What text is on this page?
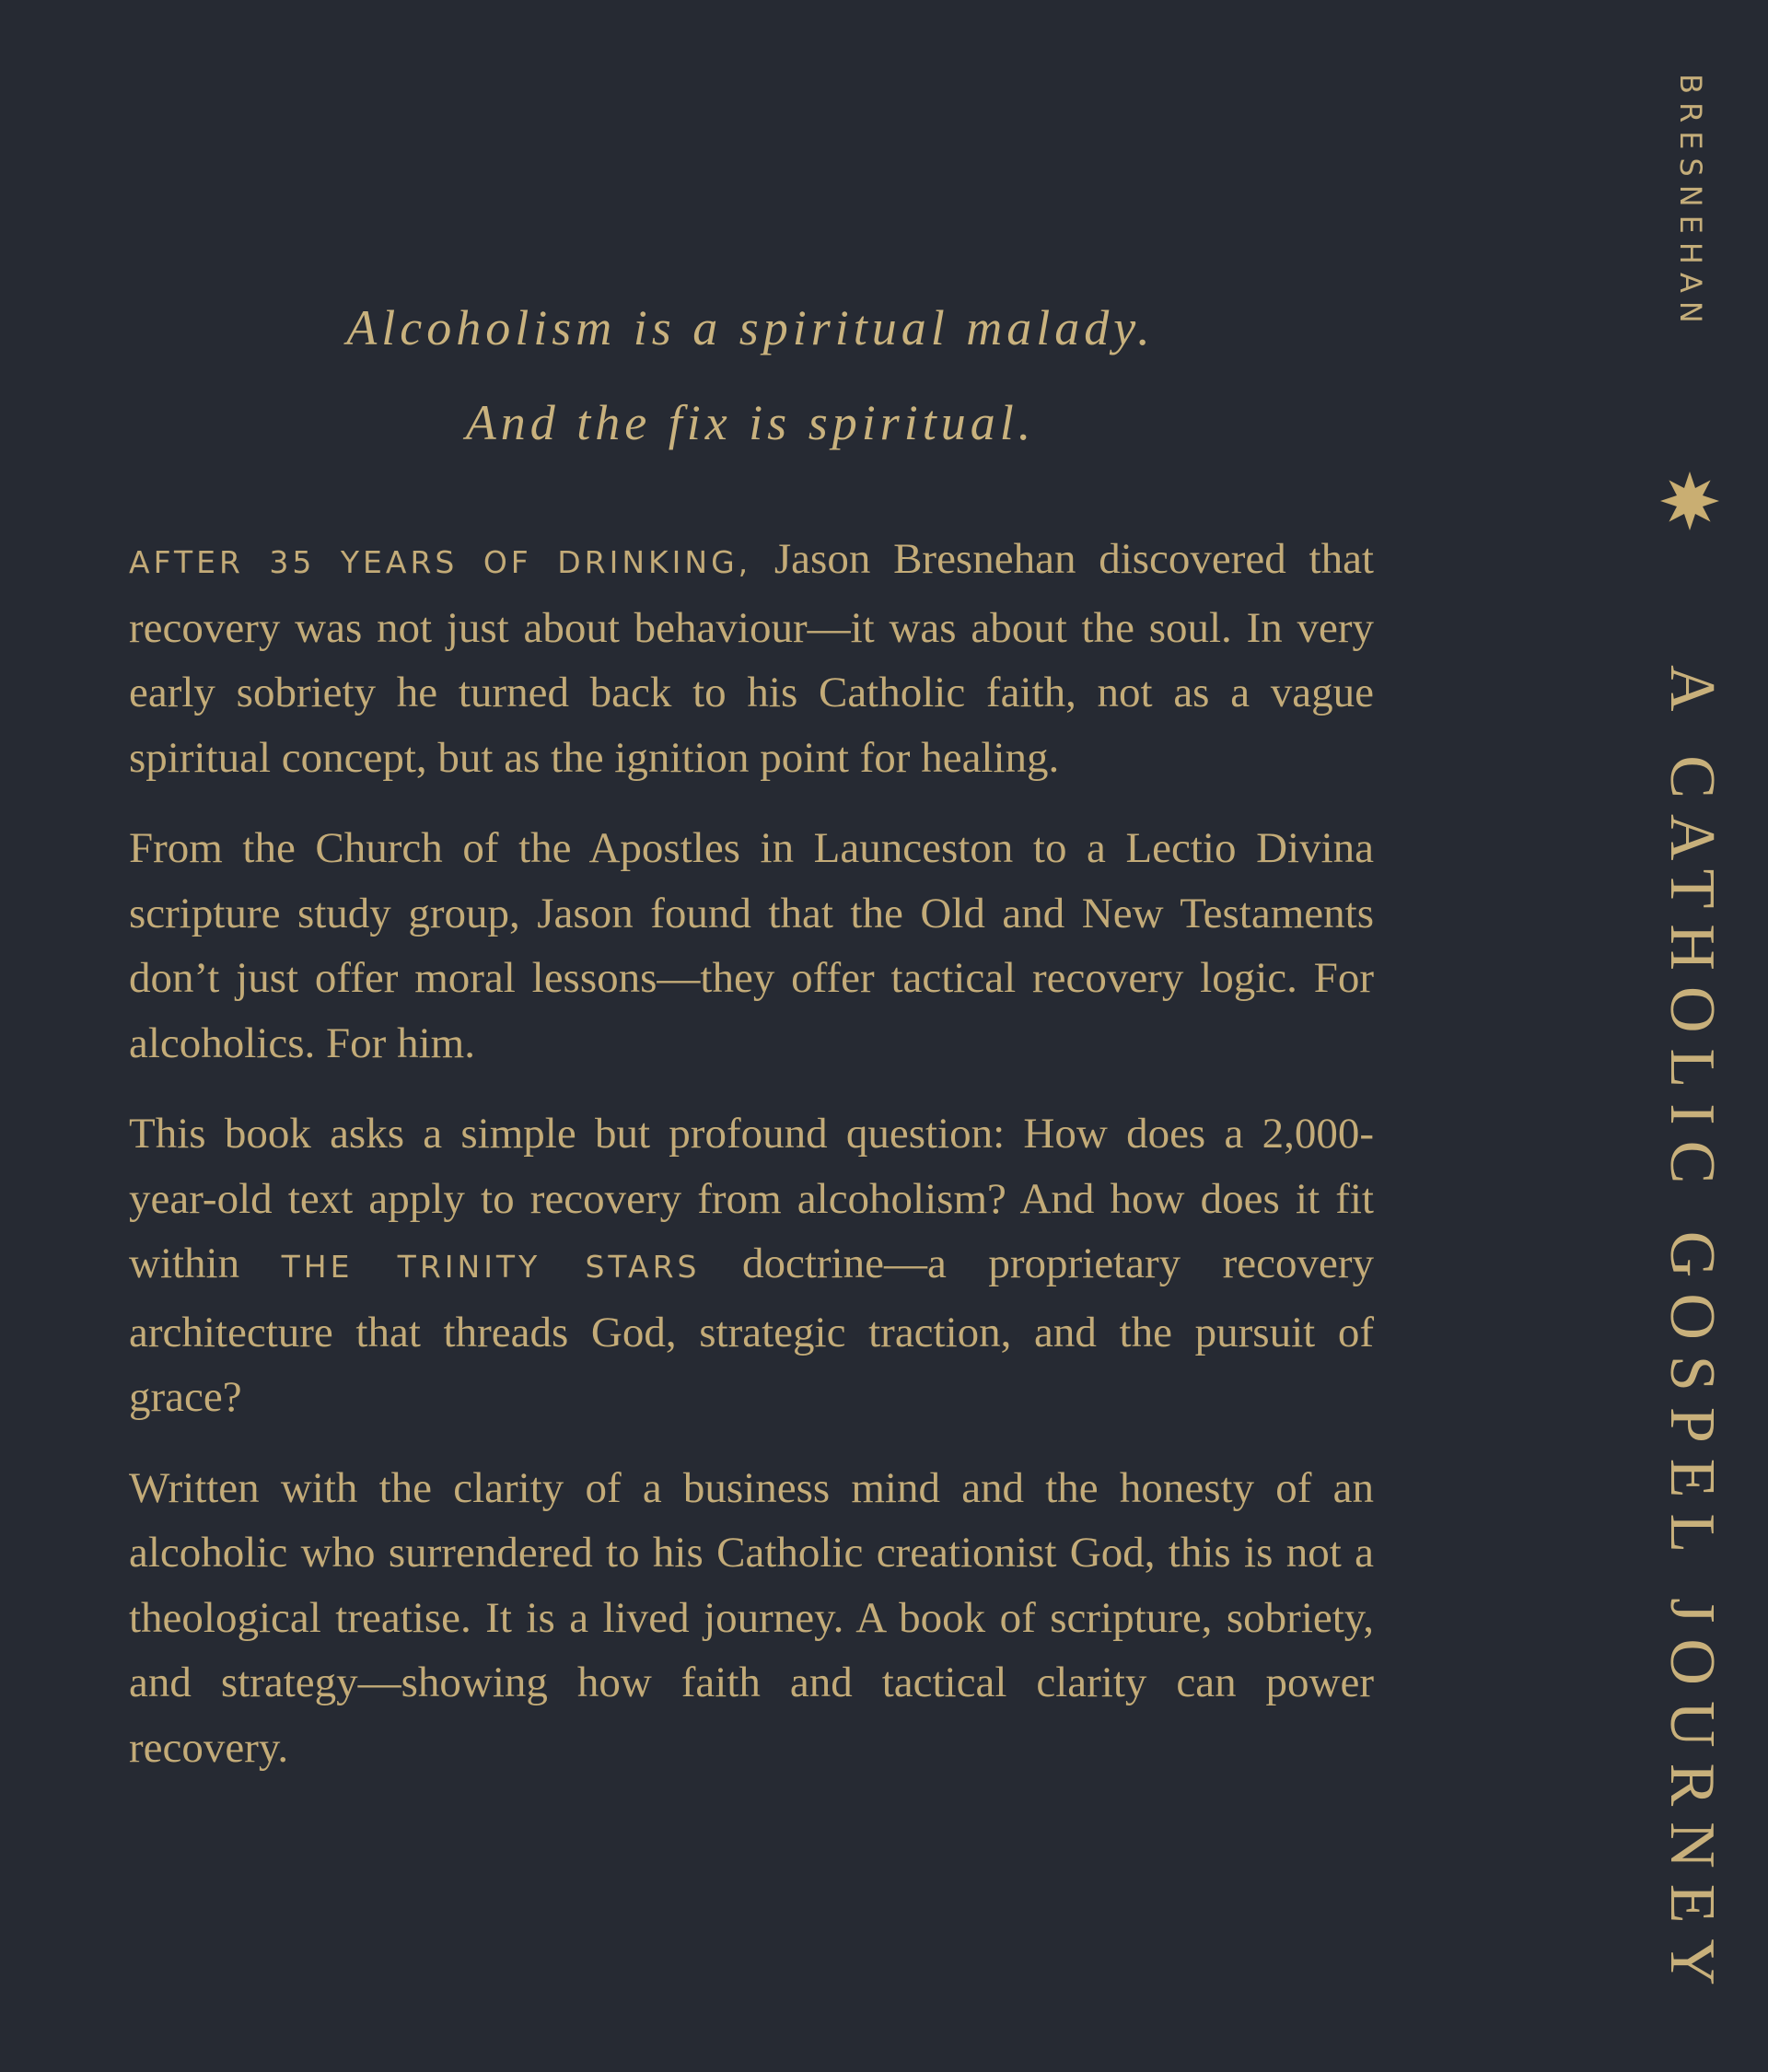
Alcoholism is a spiritual malady.
And the fix is spiritual.

AFTER 35 YEARS OF DRINKING, Jason Bresnehan discovered that recovery was not just about behaviour—it was about the soul. In very early sobriety he turned back to his Catholic faith, not as a vague spiritual concept, but as the ignition point for healing.

From the Church of the Apostles in Launceston to a Lectio Divina scripture study group, Jason found that the Old and New Testaments don’t just offer moral lessons—they offer tactical recovery logic. For alcoholics. For him.

This book asks a simple but profound question: How does a 2,000-year-old text apply to recovery from alcoholism? And how does it fit within THE TRINITY STARS doctrine—a proprietary recovery architecture that threads God, strategic traction, and the pursuit of grace?

Written with the clarity of a business mind and the honesty of an alcoholic who surrendered to his Catholic creationist God, this is not a theological treatise. It is a lived journey. A book of scripture, sobriety, and strategy—showing how faith and tactical clarity can power recovery.

BRESNEHAN
A CATHOLIC GOSPEL JOURNEY
